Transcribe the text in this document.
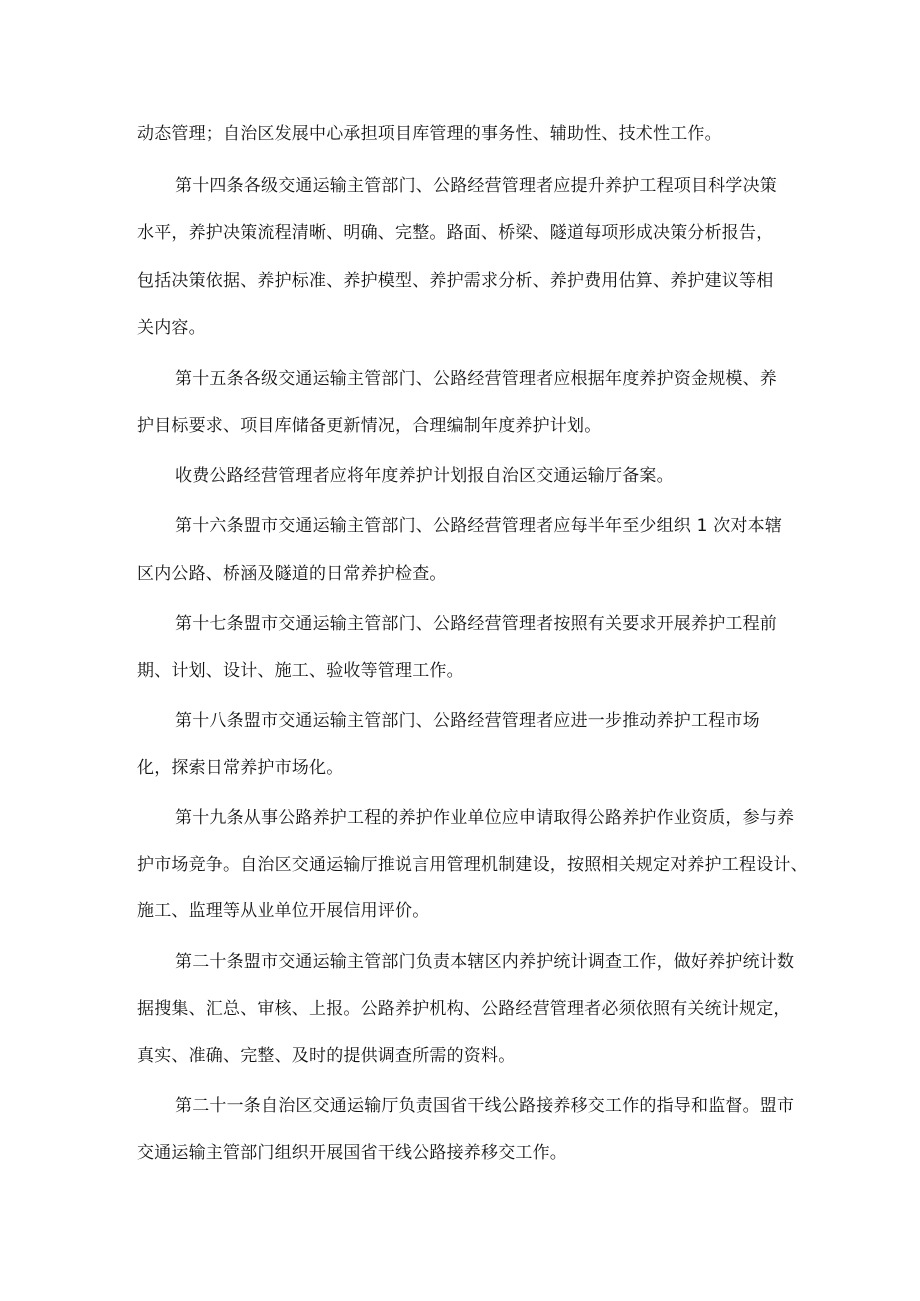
动态管理；自治区发展中心承担项目库管理的事务性、辅助性、技术性工作。
第十四条各级交通运输主管部门、公路经营管理者应提升养护工程项目科学决策
水平，养护决策流程清晰、明确、完整。路面、桥梁、隧道每项形成决策分析报告，
包括决策依据、养护标准、养护模型、养护需求分析、养护费用估算、养护建议等相
关内容。
第十五条各级交通运输主管部门、公路经营管理者应根据年度养护资金规模、养
护目标要求、项目库储备更新情况，合理编制年度养护计划。
收费公路经营管理者应将年度养护计划报自治区交通运输厅备案。
第十六条盟市交通运输主管部门、公路经营管理者应每半年至少组织 1 次对本辖
区内公路、桥涵及隧道的日常养护检查。
第十七条盟市交通运输主管部门、公路经营管理者按照有关要求开展养护工程前
期、计划、设计、施工、验收等管理工作。
第十八条盟市交通运输主管部门、公路经营管理者应进一步推动养护工程市场
化，探索日常养护市场化。
第十九条从事公路养护工程的养护作业单位应申请取得公路养护作业资质，参与养
护市场竞争。自治区交通运输厅推说言用管理机制建设，按照相关规定对养护工程设计、
施工、监理等从业单位开展信用评价。
第二十条盟市交通运输主管部门负责本辖区内养护统计调查工作，做好养护统计数
据搜集、汇总、审核、上报。公路养护机构、公路经营管理者必须依照有关统计规定，
真实、准确、完整、及时的提供调查所需的资料。
第二十一条自治区交通运输厅负责国省干线公路接养移交工作的指导和监督。盟市
交通运输主管部门组织开展国省干线公路接养移交工作。
